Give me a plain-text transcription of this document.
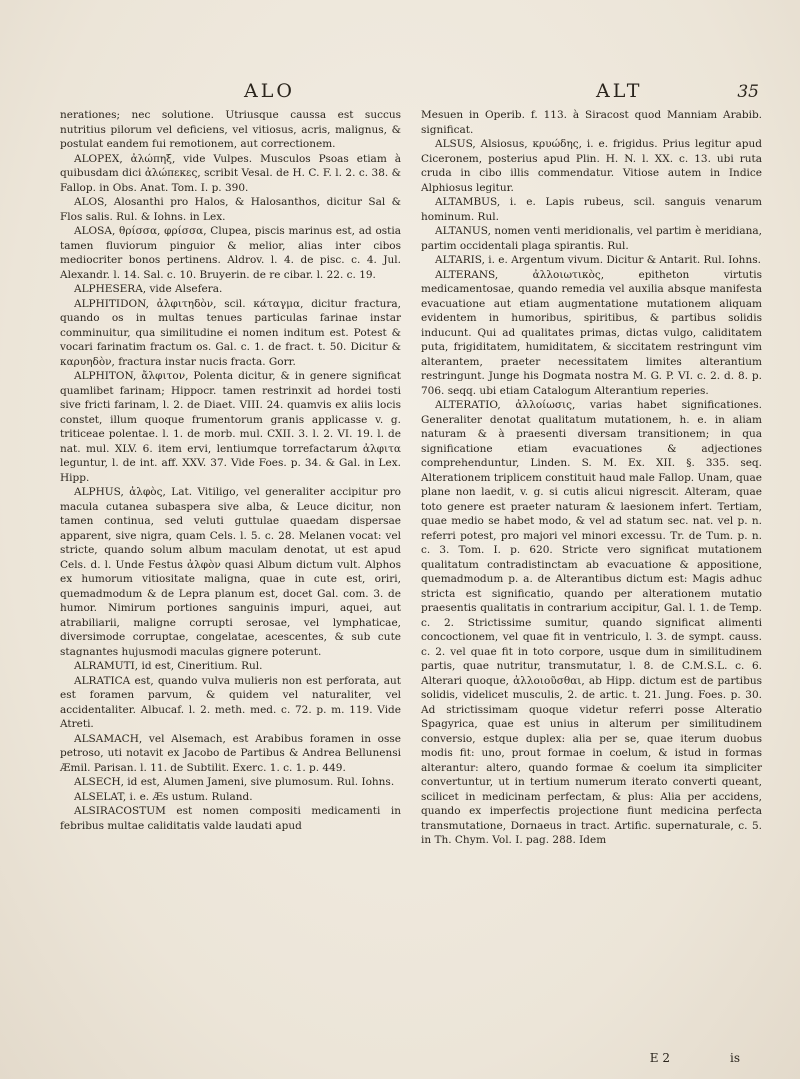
ALO	ALT	35

nerationes; nec solutione. Utriusque caussa est succus nutritius pilorum vel deficiens, vel vitiosus, acris, malignus, & postulat eandem fui remotionem, aut correctionem.

ALOPEX, ἀλώπηξ, vide Vulpes. Musculos Psoas etiam à quibusdam dici ἀλώπεκες, scribit Vesal. de H. C. F. l. 2. c. 38. & Fallop. in Obs. Anat. Tom. I. p. 390.

ALOS, Alosanthi pro Halos, & Halosanthos, dicitur Sal & Flos salis. Rul. & Iohns. in Lex.

ALOSA, θρίσσα, φρίσσα, Clupea, piscis marinus est, ad ostia tamen fluviorum pinguior & melior, alias inter cibos mediocriter bonos pertinens. Aldrov. l. 4. de pisc. c. 4. Jul. Alexandr. l. 14. Sal. c. 10. Bruyerin. de re cibar. l. 22. c. 19.

ALPHESERA, vide Alsefera.

ALPHITIDON, ἀλφιτηδὸν, scil. κάταγμα, dicitur fractura, quando os in multas tenues particulas farinae instar comminuitur, qua similitudine ei nomen inditum est. Potest & vocari farinatim fractum os. Gal. c. 1. de fract. t. 50. Dicitur & καρυηδὸν, fractura instar nucis fracta. Gorr.

ALPHITON, ἄλφιτον, Polenta dicitur, & in genere significat quamlibet farinam; Hippocr. tamen restrinxit ad hordei tosti sive fricti farinam, l. 2. de Diaet. VIII. 24. quamvis ex aliis locis constet, illum quoque frumentorum granis applicasse v. g. triticeae polentae. l. 1. de morb. mul. CXII. 3. l. 2. VI. 19. l. de nat. mul. XLV. 6. item ervi, lentiumque torrefactarum ἀλφιτα leguntur, l. de int. aff. XXV. 37. Vide Foes. p. 34. & Gal. in Lex. Hipp.

ALPHUS, ἀλφὸς, Lat. Vitiligo, vel generaliter accipitur pro macula cutanea subaspera sive alba, & Leuce dicitur, non tamen continua, sed veluti guttulae quaedam dispersae apparent, sive nigra, quam Cels. l. 5. c. 28. Melanen vocat: vel stricte, quando solum album maculam denotat, ut est apud Cels. d. l. Unde Festus ἀλφὸν quasi Album dictum vult. Alphos ex humorum vitiositate maligna, quae in cute est, oriri, quemadmodum & de Lepra planum est, docet Gal. com. 3. de humor. Nimirum portiones sanguinis impuri, aquei, aut atrabiliarii, maligne corrupti serosae, vel lymphaticae, diversimode corruptae, congelatae, acescentes, & sub cute stagnantes hujusmodi maculas gignere poterunt.

ALRAMUTI, id est, Cineritium. Rul.

ALRATICA est, quando vulva mulieris non est perforata, aut est foramen parvum, & quidem vel naturaliter, vel accidentaliter. Albucaf. l. 2. meth. med. c. 72. p. m. 119. Vide Atreti.

ALSAMACH, vel Alsemach, est Arabibus foramen in osse petroso, uti notavit ex Jacobo de Partibus & Andrea Bellunensi Æmil. Parisan. l. 11. de Subtilit. Exerc. 1. c. 1. p. 449.

ALSECH, id est, Alumen Jameni, sive plumosum. Rul. Iohns.

ALSELAT, i. e. Æs ustum. Ruland.

ALSIRACOSTUM est nomen compositi medicamenti in febribus multae caliditatis valde laudati apud

Mesuen in Operib. f. 113. à Siracost quod Manniam Arabib. significat.

ALSUS, Alsiosus, κρυώδης, i. e. frigidus. Prius legitur apud Ciceronem, posterius apud Plin. H. N. l. XX. c. 13. ubi ruta cruda in cibo illis commendatur. Vitiose autem in Indice Alphiosus legitur.

ALTAMBUS, i. e. Lapis rubeus, scil. sanguis venarum hominum. Rul.

ALTANUS, nomen venti meridionalis, vel partim è meridiana, partim occidentali plaga spirantis. Rul.

ALTARIS, i. e. Argentum vivum. Dicitur & Antarit. Rul. Iohns.

ALTERANS, ἀλλοιωτικὸς, epitheton virtutis medicamentosae, quando remedia vel auxilia absque manifesta evacuatione aut etiam augmentatione mutationem aliquam evidentem in humoribus, spiritibus, & partibus solidis inducunt. Qui ad qualitates primas, dictas vulgo, caliditatem puta, frigiditatem, humiditatem, & siccitatem restringunt vim alterantem, praeter necessitatem limites alterantium restringunt. Junge his Dogmata nostra M. G. P. VI. c. 2. d. 8. p. 706. seqq. ubi etiam Catalogum Alterantium reperies.

ALTERATIO, ἀλλοίωσις, varias habet significationes. Generaliter denotat qualitatum mutationem, h. e. in aliam naturam & à praesenti diversam transitionem; in qua significatione etiam evacuationes & adjectiones comprehenduntur, Linden. S. M. Ex. XII. §. 335. seq. Alterationem triplicem constituit haud male Fallop. Unam, quae plane non laedit, v. g. si cutis alicui nigrescit. Alteram, quae toto genere est praeter naturam & laesionem infert. Tertiam, quae medio se habet modo, & vel ad statum sec. nat. vel p. n. referri potest, pro majori vel minori excessu. Tr. de Tum. p. n. c. 3. Tom. I. p. 620. Stricte vero significat mutationem qualitatum contradistinctam ab evacuatione & appositione, quemadmodum p. a. de Alterantibus dictum est: Magis adhuc stricta est significatio, quando per alterationem mutatio praesentis qualitatis in contrarium accipitur, Gal. l. 1. de Temp. c. 2. Strictissime sumitur, quando significat alimenti concoctionem, vel quae fit in ventriculo, l. 3. de sympt. causs. c. 2. vel quae fit in toto corpore, usque dum in similitudinem partis, quae nutritur, transmutatur, l. 8. de C.M.S.L. c. 6. Alterari quoque, ἀλλοιοῦσθαι, ab Hipp. dictum est de partibus solidis, videlicet musculis, 2. de artic. t. 21. Jung. Foes. p. 30. Ad strictissimam quoque videtur referri posse Alteratio Spagyrica, quae est unius in alterum per similitudinem conversio, estque duplex: alia per se, quae iterum duobus modis fit: uno, prout formae in coelum, & istud in formas alterantur: altero, quando formae & coelum ita simpliciter convertuntur, ut in tertium numerum iterato converti queant, scilicet in medicinam perfectam, & plus: Alia per accidens, quando ex imperfectis projectione fiunt medicina perfecta transmutatione, Dornaeus in tract. Artific. supernaturale, c. 5. in Th. Chym. Vol. I. pag. 288. Idem

E 2	is
